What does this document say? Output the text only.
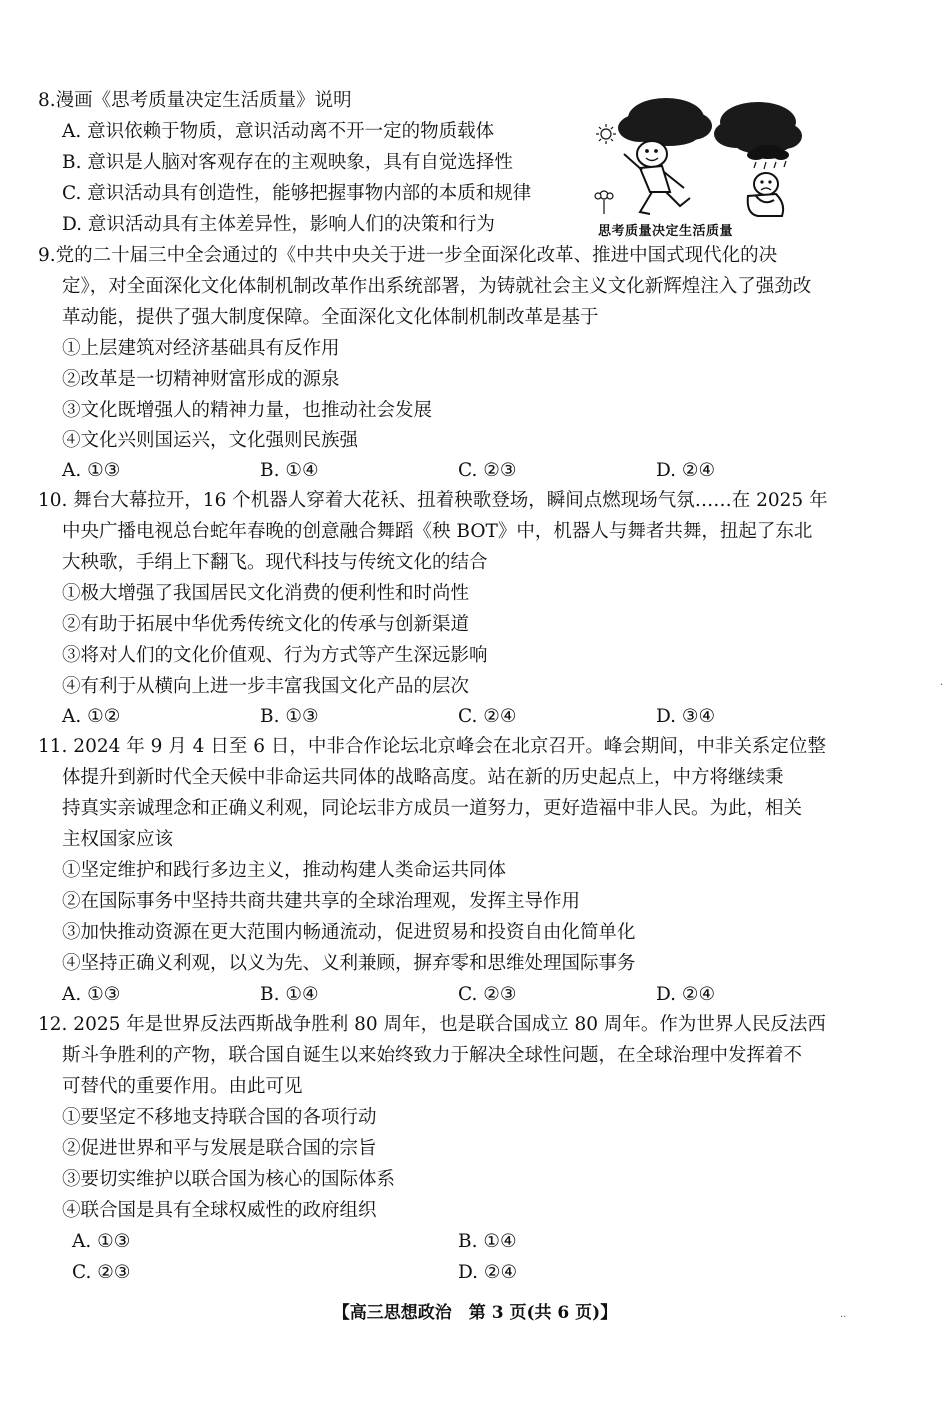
8.漫画《思考质量决定生活质量》说明
A. 意识依赖于物质，意识活动离不开一定的物质载体
B. 意识是人脑对客观存在的主观映象，具有自觉选择性
C. 意识活动具有创造性，能够把握事物内部的本质和规律
D. 意识活动具有主体差异性，影响人们的决策和行为	思考质量决定生活质量
9.党的二十届三中全会通过的《中共中央关于进一步全面深化改革、推进中国式现代化的决
定》，对全面深化文化体制机制改革作出系统部署，为铸就社会主义文化新辉煌注入了强劲改
革动能，提供了强大制度保障。全面深化文化体制机制改革是基于
①上层建筑对经济基础具有反作用
②改革是一切精神财富形成的源泉
③文化既增强人的精神力量，也推动社会发展
④文化兴则国运兴，文化强则民族强
A. ①③	B. ①④	C. ②③	D. ②④
10. 舞台大幕拉开，16 个机器人穿着大花袄、扭着秧歌登场，瞬间点燃现场气氛……在 2025 年
中央广播电视总台蛇年春晚的创意融合舞蹈《秧 BOT》中，机器人与舞者共舞，扭起了东北
大秧歌，手绢上下翻飞。现代科技与传统文化的结合
①极大增强了我国居民文化消费的便利性和时尚性
②有助于拓展中华优秀传统文化的传承与创新渠道
③将对人们的文化价值观、行为方式等产生深远影响
④有利于从横向上进一步丰富我国文化产品的层次
A. ①②	B. ①③	C. ②④	D. ③④
11. 2024 年 9 月 4 日至 6 日，中非合作论坛北京峰会在北京召开。峰会期间，中非关系定位整
体提升到新时代全天候中非命运共同体的战略高度。站在新的历史起点上，中方将继续秉
持真实亲诚理念和正确义利观，同论坛非方成员一道努力，更好造福中非人民。为此，相关
主权国家应该
①坚定维护和践行多边主义，推动构建人类命运共同体
②在国际事务中坚持共商共建共享的全球治理观，发挥主导作用
③加快推动资源在更大范围内畅通流动，促进贸易和投资自由化简单化
④坚持正确义利观，以义为先、义利兼顾，摒弃零和思维处理国际事务
A. ①③	B. ①④	C. ②③	D. ②④
12. 2025 年是世界反法西斯战争胜利 80 周年，也是联合国成立 80 周年。作为世界人民反法西
斯斗争胜利的产物，联合国自诞生以来始终致力于解决全球性问题，在全球治理中发挥着不
可替代的重要作用。由此可见
①要坚定不移地支持联合国的各项行动
②促进世界和平与发展是联合国的宗旨
③要切实维护以联合国为核心的国际体系
④联合国是具有全球权威性的政府组织
A. ①③	B. ①④
C. ②③	D. ②④
【高三思想政治　第 3 页(共 6 页)】
·
··
